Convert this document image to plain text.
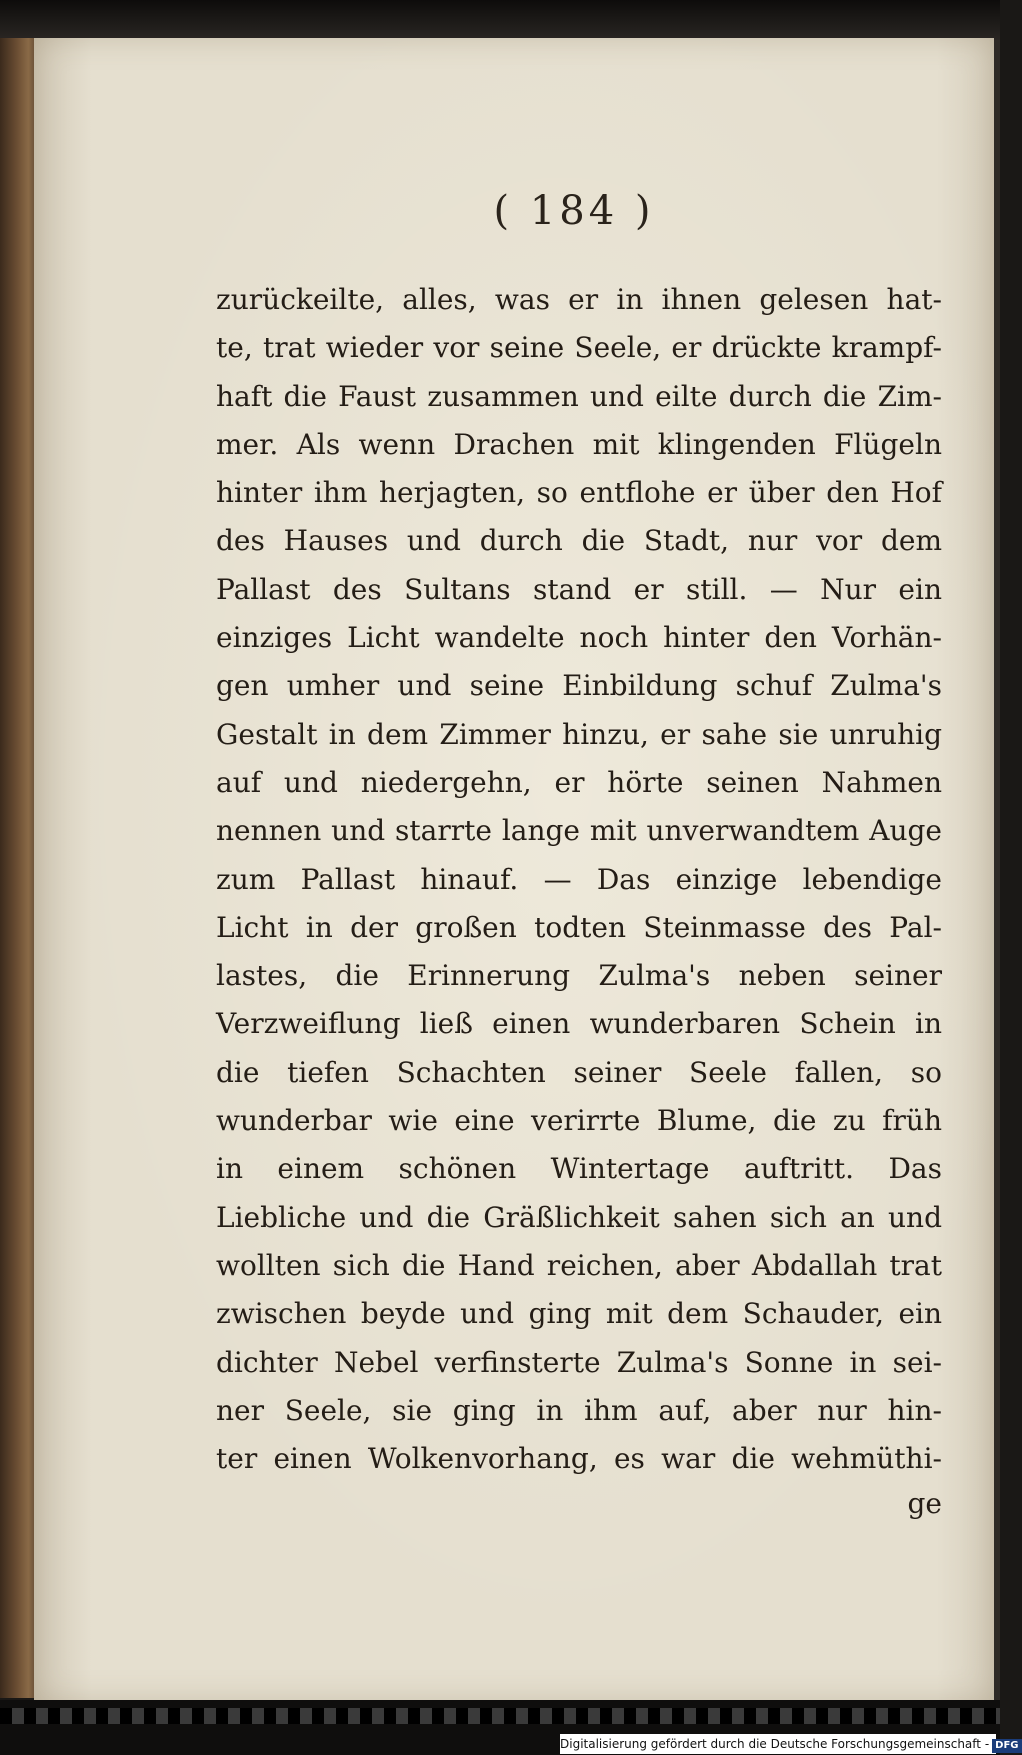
( 184 )
zurückeilte, alles, was er in ihnen gelesen hat-
te, trat wieder vor seine Seele, er drückte krampf-
haft die Faust zusammen und eilte durch die Zim-
mer. Als wenn Drachen mit klingenden Flügeln
hinter ihm herjagten, so entflohe er über den Hof
des Hauses und durch die Stadt, nur vor dem
Pallast des Sultans stand er still. — Nur ein
einziges Licht wandelte noch hinter den Vorhän-
gen umher und seine Einbildung schuf Zulma's
Gestalt in dem Zimmer hinzu, er sahe sie unruhig
auf und niedergehn, er hörte seinen Nahmen
nennen und starrte lange mit unverwandtem Auge
zum Pallast hinauf. — Das einzige lebendige
Licht in der großen todten Steinmasse des Pal-
lastes, die Erinnerung Zulma's neben seiner
Verzweiflung ließ einen wunderbaren Schein in
die tiefen Schachten seiner Seele fallen, so
wunderbar wie eine verirrte Blume, die zu früh
in einem schönen Wintertage auftritt. Das
Liebliche und die Gräßlichkeit sahen sich an und
wollten sich die Hand reichen, aber Abdallah trat
zwischen beyde und ging mit dem Schauder, ein
dichter Nebel verfinsterte Zulma's Sonne in sei-
ner Seele, sie ging in ihm auf, aber nur hin-
ter einen Wolkenvorhang, es war die wehmüthi-
ge
Digitalisierung gefördert durch die Deutsche Forschungsgemeinschaft - DFG
